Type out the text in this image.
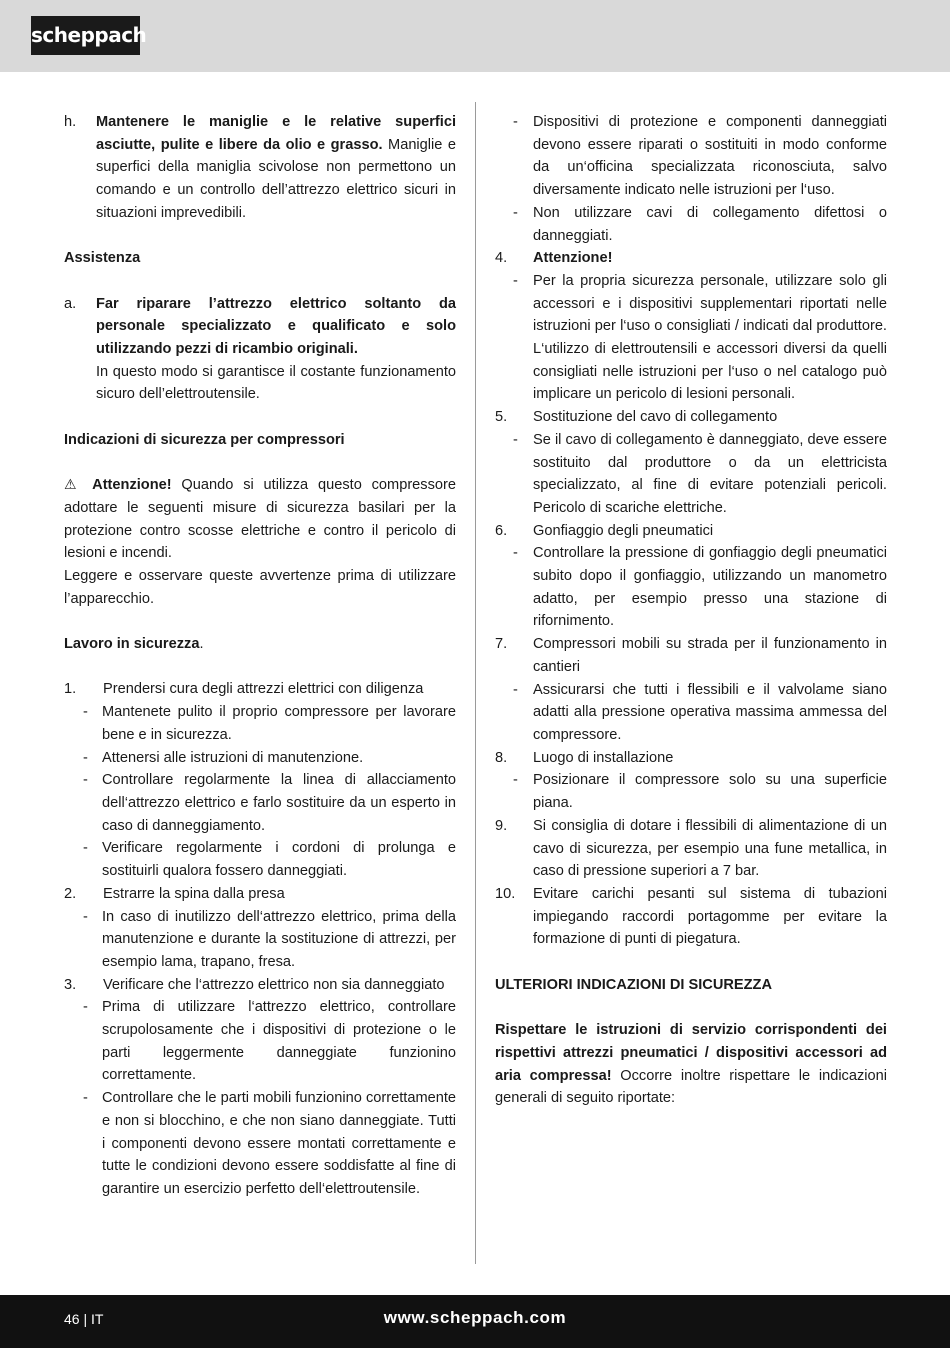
scheppach
h.	Mantenere le maniglie e le relative superfici asciutte, pulite e libere da olio e grasso. Maniglie e superfici della maniglia scivolose non permettono un comando e un controllo dell’attrezzo elettrico sicuri in situazioni imprevedibili.
Assistenza
a.	Far riparare l’attrezzo elettrico soltanto da personale specializzato e qualificato e solo utilizzando pezzi di ricambio originali.
In questo modo si garantisce il costante funzionamento sicuro dell’elettroutensile.
Indicazioni di sicurezza per compressori
⚠ Attenzione! Quando si utilizza questo compressore adottare le seguenti misure di sicurezza basilari per la protezione contro scosse elettriche e contro il pericolo di lesioni e incendi.
Leggere e osservare queste avvertenze prima di utilizzare l’apparecchio.
Lavoro in sicurezza.
1.	Prendersi cura degli attrezzi elettrici con diligenza
- Mantenete pulito il proprio compressore per lavorare bene e in sicurezza.
- Attenersi alle istruzioni di manutenzione.
- Controllare regolarmente la linea di allacciamento dell‘attrezzo elettrico e farlo sostituire da un esperto in caso di danneggiamento.
- Verificare regolarmente i cordoni di prolunga e sostituirli qualora fossero danneggiati.
2.	Estrarre la spina dalla presa
- In caso di inutilizzo dell‘attrezzo elettrico, prima della manutenzione e durante la sostituzione di attrezzi, per esempio lama, trapano, fresa.
3.	Verificare che l‘attrezzo elettrico non sia danneggiato
- Prima di utilizzare l‘attrezzo elettrico, controllare scrupolosamente che i dispositivi di protezione o le parti leggermente danneggiate funzionino correttamente.
- Controllare che le parti mobili funzionino correttamente e non si blocchino, e che non siano danneggiate. Tutti i componenti devono essere montati correttamente e tutte le condizioni devono essere soddisfatte al fine di garantire un esercizio perfetto dell‘elettroutensile.
-	Dispositivi di protezione e componenti danneggiati devono essere riparati o sostituiti in modo conforme da un‘officina specializzata riconosciuta, salvo diversamente indicato nelle istruzioni per l‘uso.
-	Non utilizzare cavi di collegamento difettosi o danneggiati.
4.	Attenzione!
-	Per la propria sicurezza personale, utilizzare solo gli accessori e i dispositivi supplementari riportati nelle istruzioni per l‘uso o consigliati / indicati dal produttore. L‘utilizzo di elettroutensili e accessori diversi da quelli consigliati nelle istruzioni per l‘uso o nel catalogo può implicare un pericolo di lesioni personali.
5.	Sostituzione del cavo di collegamento
-	Se il cavo di collegamento è danneggiato, deve essere sostituito dal produttore o da un elettricista specializzato, al fine di evitare potenziali pericoli. Pericolo di scariche elettriche.
6.	Gonfiaggio degli pneumatici
-	Controllare la pressione di gonfiaggio degli pneumatici subito dopo il gonfiaggio, utilizzando un manometro adatto, per esempio presso una stazione di rifornimento.
7.	Compressori mobili su strada per il funzionamento in cantieri
-	Assicurarsi che tutti i flessibili e il valvolame siano adatti alla pressione operativa massima ammessa del compressore.
8.	Luogo di installazione
-	Posizionare il compressore solo su una superficie piana.
9.	Si consiglia di dotare i flessibili di alimentazione di un cavo di sicurezza, per esempio una fune metallica, in caso di pressione superiori a 7 bar.
10.	Evitare carichi pesanti sul sistema di tubazioni impiegando raccordi portagomme per evitare la formazione di punti di piegatura.
ULTERIORI INDICAZIONI DI SICUREZZA
Rispettare le istruzioni di servizio corrispondenti dei rispettivi attrezzi pneumatici / dispositivi accessori ad aria compressa! Occorre inoltre rispettare le indicazioni generali di seguito riportate:
46 | IT	www.scheppach.com
